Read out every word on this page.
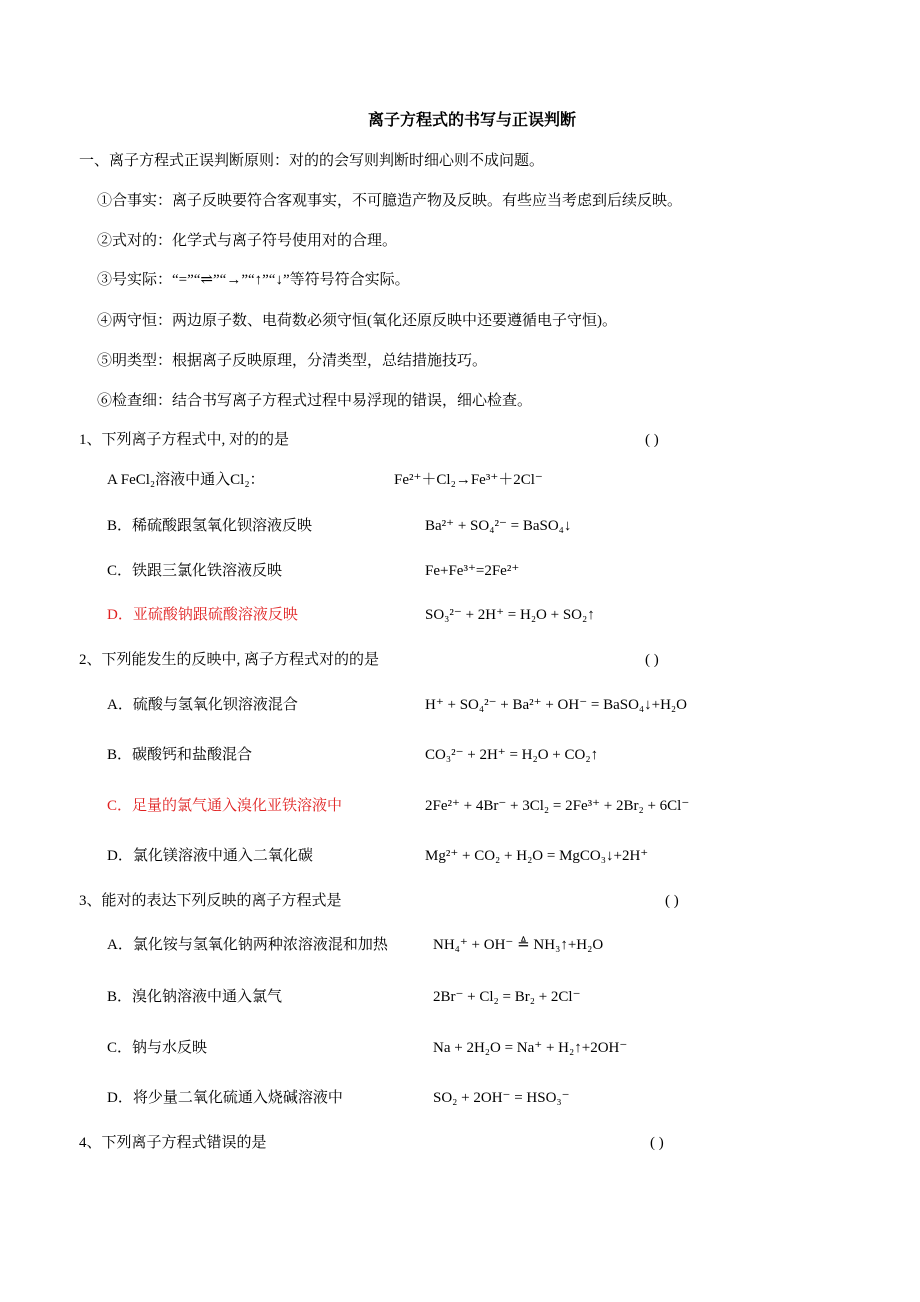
离子方程式的书写与正误判断
一、离子方程式正误判断原则：对的的会写则判断时细心则不成问题。
①合事实：离子反映要符合客观事实，不可臆造产物及反映。有些应当考虑到后续反映。
②式对的：化学式与离子符号使用对的合理。
③号实际：“=”“⇌”“→”“↑”“↓”等符号符合实际。
④两守恒：两边原子数、电荷数必须守恒(氧化还原反映中还要遵循电子守恒)。
⑤明类型：根据离子反映原理，分清类型，总结措施技巧。
⑥检查细：结合书写离子方程式过程中易浮现的错误，细心检查。
1、下列离子方程式中, 对的的是	( )
A FeCl₂溶液中通入Cl₂：	Fe²⁺＋Cl₂→Fe³⁺＋2Cl⁻
B．稀硫酸跟氢氧化钡溶液反映	Ba²⁺ + SO₄²⁻ = BaSO₄↓
C．铁跟三氯化铁溶液反映	Fe+Fe³⁺=2Fe²⁺
D．亚硫酸钠跟硫酸溶液反映	SO₃²⁻ + 2H⁺ = H₂O + SO₂↑
2、下列能发生的反映中, 离子方程式对的的是	( )
A．硫酸与氢氧化钡溶液混合	H⁺ + SO₄²⁻ + Ba²⁺ + OH⁻ = BaSO₄↓+H₂O
B．碳酸钙和盐酸混合	CO₃²⁻ + 2H⁺ = H₂O + CO₂↑
C．足量的氯气通入溴化亚铁溶液中	2Fe²⁺ + 4Br⁻ + 3Cl₂ = 2Fe³⁺ + 2Br₂ + 6Cl⁻
D．氯化镁溶液中通入二氧化碳	Mg²⁺ + CO₂ + H₂O = MgCO₃↓+2H⁺
3、能对的表达下列反映的离子方程式是	( )
A．氯化铵与氢氧化钠两种浓溶液混和加热	NH₄⁺ + OH⁻ ≜ NH₃↑+H₂O
B．溴化钠溶液中通入氯气	2Br⁻ + Cl₂ = Br₂ + 2Cl⁻
C．钠与水反映	Na + 2H₂O = Na⁺ + H₂↑+2OH⁻
D．将少量二氧化硫通入烧碱溶液中	SO₂ + 2OH⁻ = HSO₃⁻
4、下列离子方程式错误的是	( )
